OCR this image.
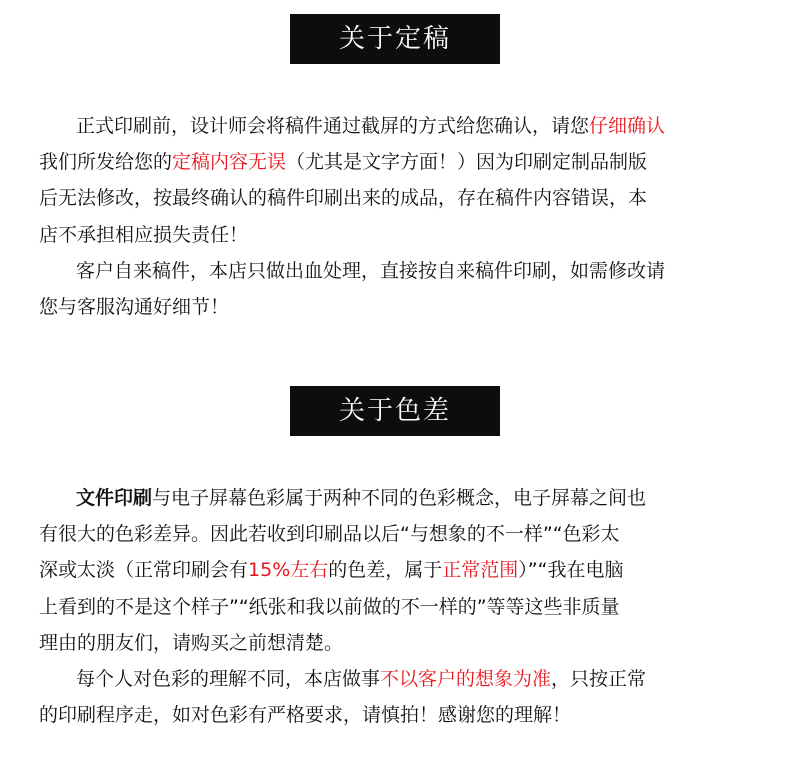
关于定稿
正式印刷前，设计师会将稿件通过截屏的方式给您确认，请您仔细确认
我们所发给您的定稿内容无误（尤其是文字方面！）因为印刷定制品制版
后无法修改，按最终确认的稿件印刷出来的成品，存在稿件内容错误，本
店不承担相应损失责任！
客户自来稿件，本店只做出血处理，直接按自来稿件印刷，如需修改请
您与客服沟通好细节！
关于色差
文件印刷与电子屏幕色彩属于两种不同的色彩概念，电子屏幕之间也
有很大的色彩差异。因此若收到印刷品以后“与想象的不一样”“色彩太
深或太淡（正常印刷会有15%左右的色差，属于正常范围）”“我在电脑
上看到的不是这个样子”“纸张和我以前做的不一样的”等等这些非质量
理由的朋友们，请购买之前想清楚。
每个人对色彩的理解不同，本店做事不以客户的想象为准，只按正常
的印刷程序走，如对色彩有严格要求，请慎拍！感谢您的理解！
